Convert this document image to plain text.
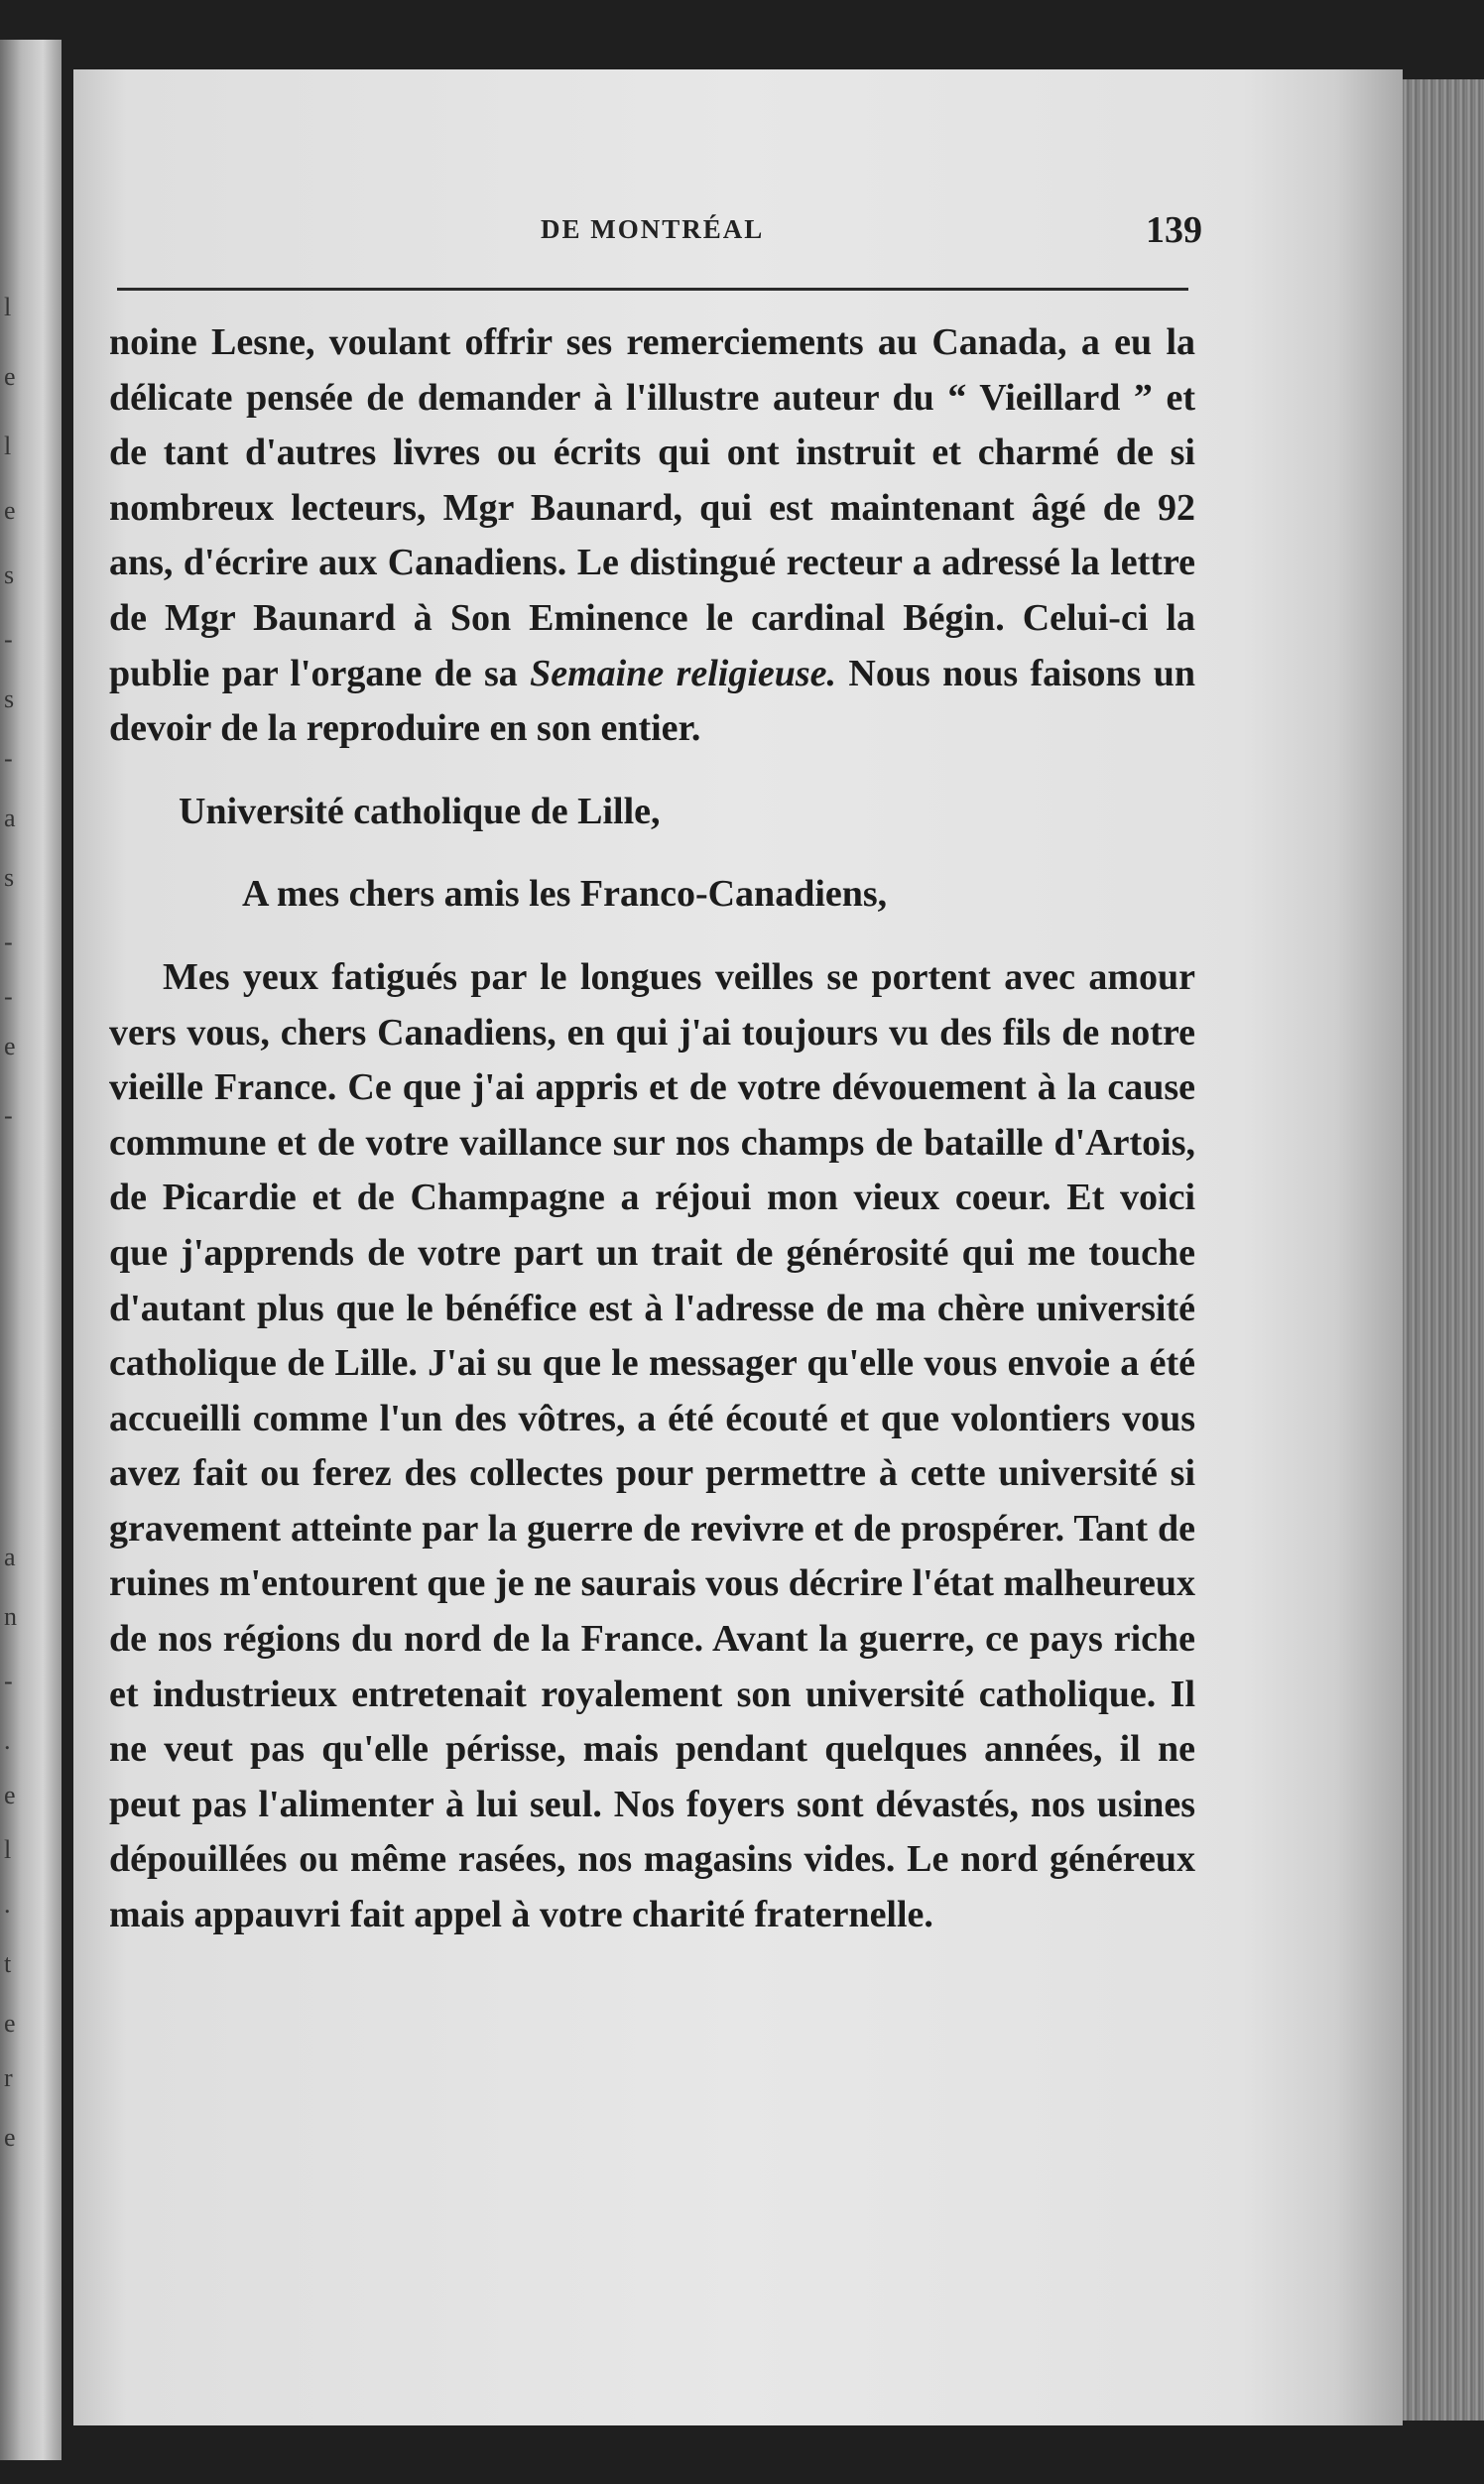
l
e
l
e
s
-
s
-
a
s
-
-
e
-
a
n
-
.
e
l
.
t
e
r
e
DE MONTRÉAL	139

noine Lesne, voulant offrir ses remerciements au Canada, a eu la délicate pensée de demander à l'illustre auteur du “ Vieillard ” et de tant d'autres livres ou écrits qui ont instruit et charmé de si nombreux lecteurs, Mgr Baunard, qui est maintenant âgé de 92 ans, d'écrire aux Canadiens. Le distingué recteur a adressé la lettre de Mgr Baunard à Son Eminence le cardinal Bégin. Celui-ci la publie par l'organe de sa Semaine religieuse. Nous nous faisons un devoir de la reproduire en son entier.

Université catholique de Lille,

A mes chers amis les Franco-Canadiens,

Mes yeux fatigués par le longues veilles se portent avec amour vers vous, chers Canadiens, en qui j'ai toujours vu des fils de notre vieille France. Ce que j'ai appris et de votre dévouement à la cause commune et de votre vaillance sur nos champs de bataille d'Artois, de Picardie et de Champagne a réjoui mon vieux coeur. Et voici que j'apprends de votre part un trait de générosité qui me touche d'autant plus que le bénéfice est à l'adresse de ma chère université catholique de Lille. J'ai su que le messager qu'elle vous envoie a été accueilli comme l'un des vôtres, a été écouté et que volontiers vous avez fait ou ferez des collectes pour permettre à cette université si gravement atteinte par la guerre de revivre et de prospérer. Tant de ruines m'entourent que je ne saurais vous décrire l'état malheureux de nos régions du nord de la France. Avant la guerre, ce pays riche et industrieux entretenait royalement son université catholique. Il ne veut pas qu'elle périsse, mais pendant quelques années, il ne peut pas l'alimenter à lui seul. Nos foyers sont dévastés, nos usines dépouillées ou même rasées, nos magasins vides. Le nord généreux mais appauvri fait appel à votre charité fraternelle.
